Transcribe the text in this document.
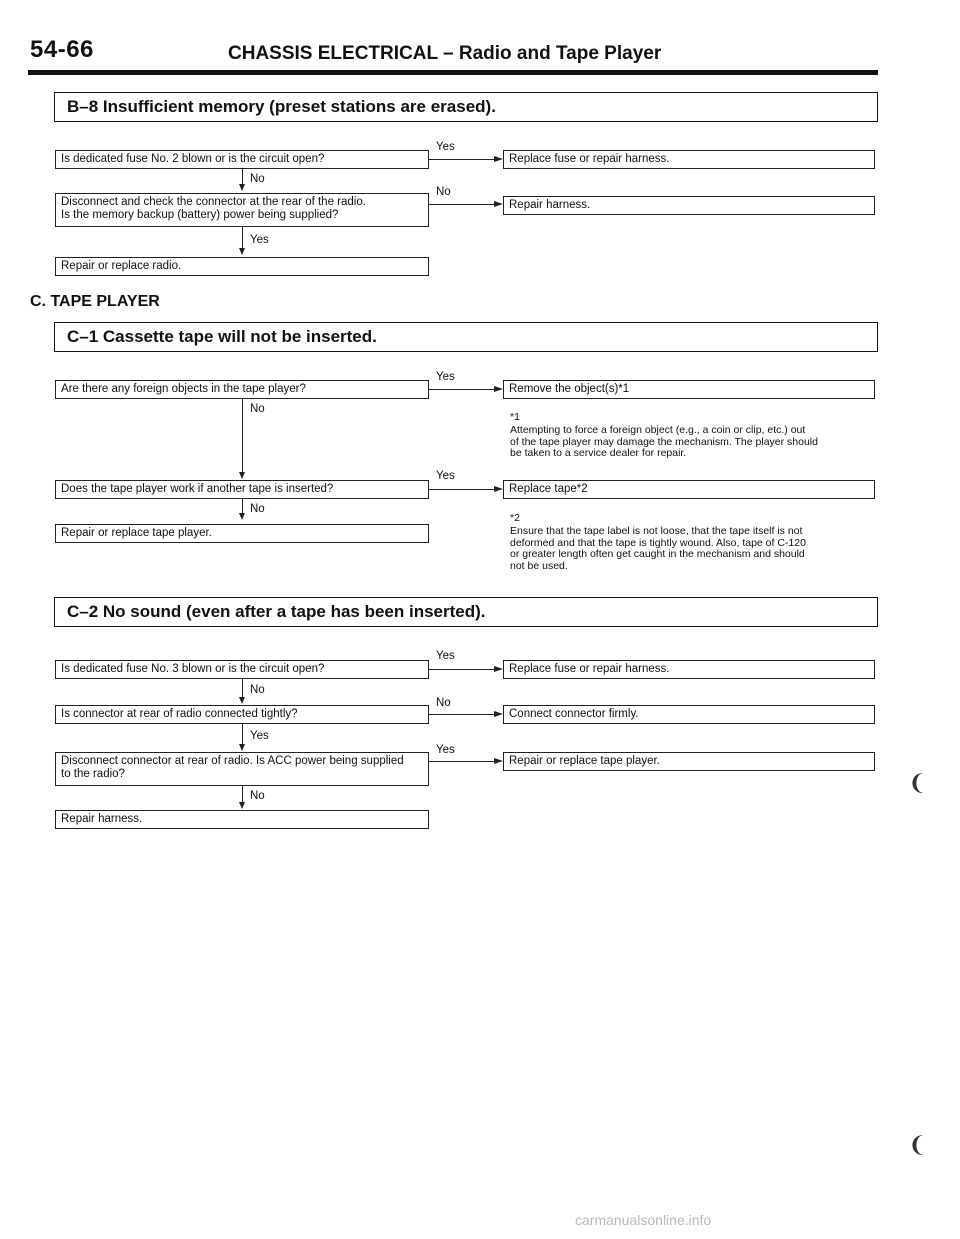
54-66	CHASSIS ELECTRICAL – Radio and Tape Player
B–8 Insufficient memory (preset stations are erased).
Is dedicated fuse No. 2 blown or is the circuit open?
Yes
Replace fuse or repair harness.
No
Disconnect and check the connector at the rear of the radio.
Is the memory backup (battery) power being supplied?
No
Repair harness.
Yes
Repair or replace radio.
C. TAPE PLAYER
C–1 Cassette tape will not be inserted.
Are there any foreign objects in the tape player?
Yes
Remove the object(s)*1
*1
Attempting to force a foreign object (e.g., a coin or clip, etc.) out
of the tape player may damage the mechanism. The player should
be taken to a service dealer for repair.
No
Does the tape player work if another tape is inserted?
Yes
Replace tape*2
No
Repair or replace tape player.
*2
Ensure that the tape label is not loose, that the tape itself is not
deformed and that the tape is tightly wound. Also, tape of C-120
or greater length often get caught in the mechanism and should
not be used.
C–2 No sound (even after a tape has been inserted).
Is dedicated fuse No. 3 blown or is the circuit open?
Yes
Replace fuse or repair harness.
No
Is connector at rear of radio connected tightly?
No
Connect connector firmly.
Yes
Disconnect connector at rear of radio. Is ACC power being supplied
to the radio?
Yes
Repair or replace tape player.
No
Repair harness.
❨
❨
carmanualsonline.info
